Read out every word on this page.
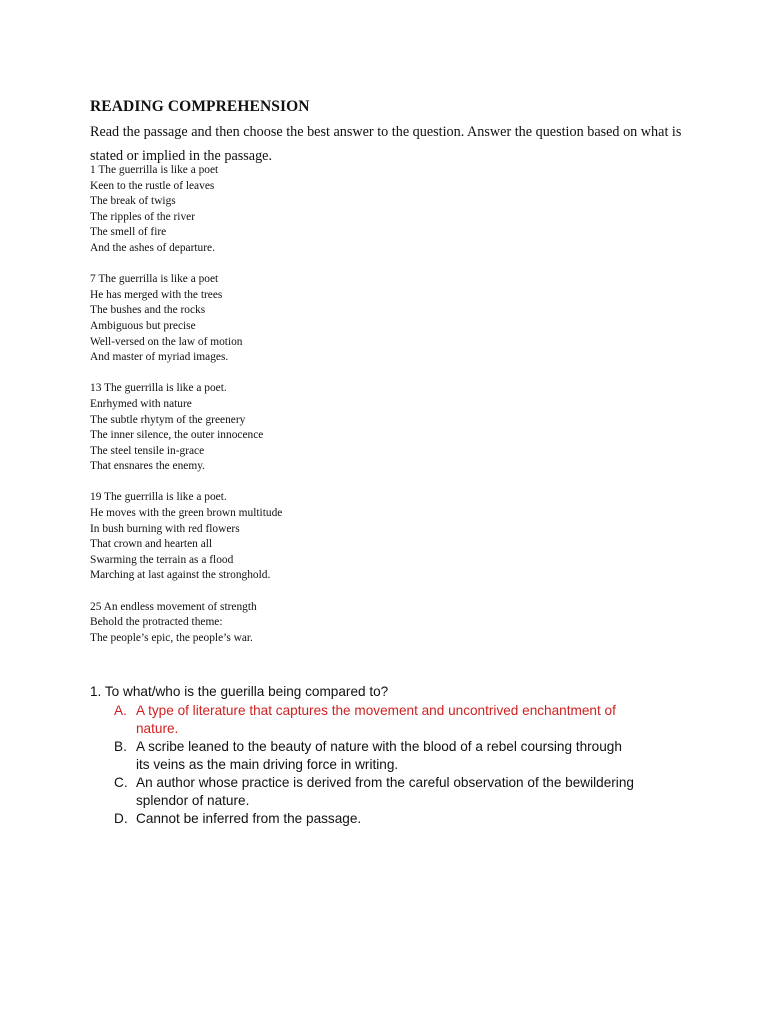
READING COMPREHENSION
Read the passage and then choose the best answer to the question. Answer the question based on what is stated or implied in the passage.
1 The guerrilla is like a poet
Keen to the rustle of leaves
The break of twigs
The ripples of the river
The smell of fire
And the ashes of departure.
7 The guerrilla is like a poet
He has merged with the trees
The bushes and the rocks
Ambiguous but precise
Well-versed on the law of motion
And master of myriad images.
13 The guerrilla is like a poet.
Enrhymed with nature
The subtle rhytym of the greenery
The inner silence, the outer innocence
The steel tensile in-grace
That ensnares the enemy.
19 The guerrilla is like a poet.
He moves with the green brown multitude
In bush burning with red flowers
That crown and hearten all
Swarming the terrain as a flood
Marching at last against the stronghold.
25 An endless movement of strength
Behold the protracted theme:
The people’s epic, the people’s war.
1. To what/who is the guerilla being compared to?
A. A type of literature that captures the movement and uncontrived enchantment of nature.
B. A scribe leaned to the beauty of nature with the blood of a rebel coursing through its veins as the main driving force in writing.
C. An author whose practice is derived from the careful observation of the bewildering splendor of nature.
D. Cannot be inferred from the passage.
